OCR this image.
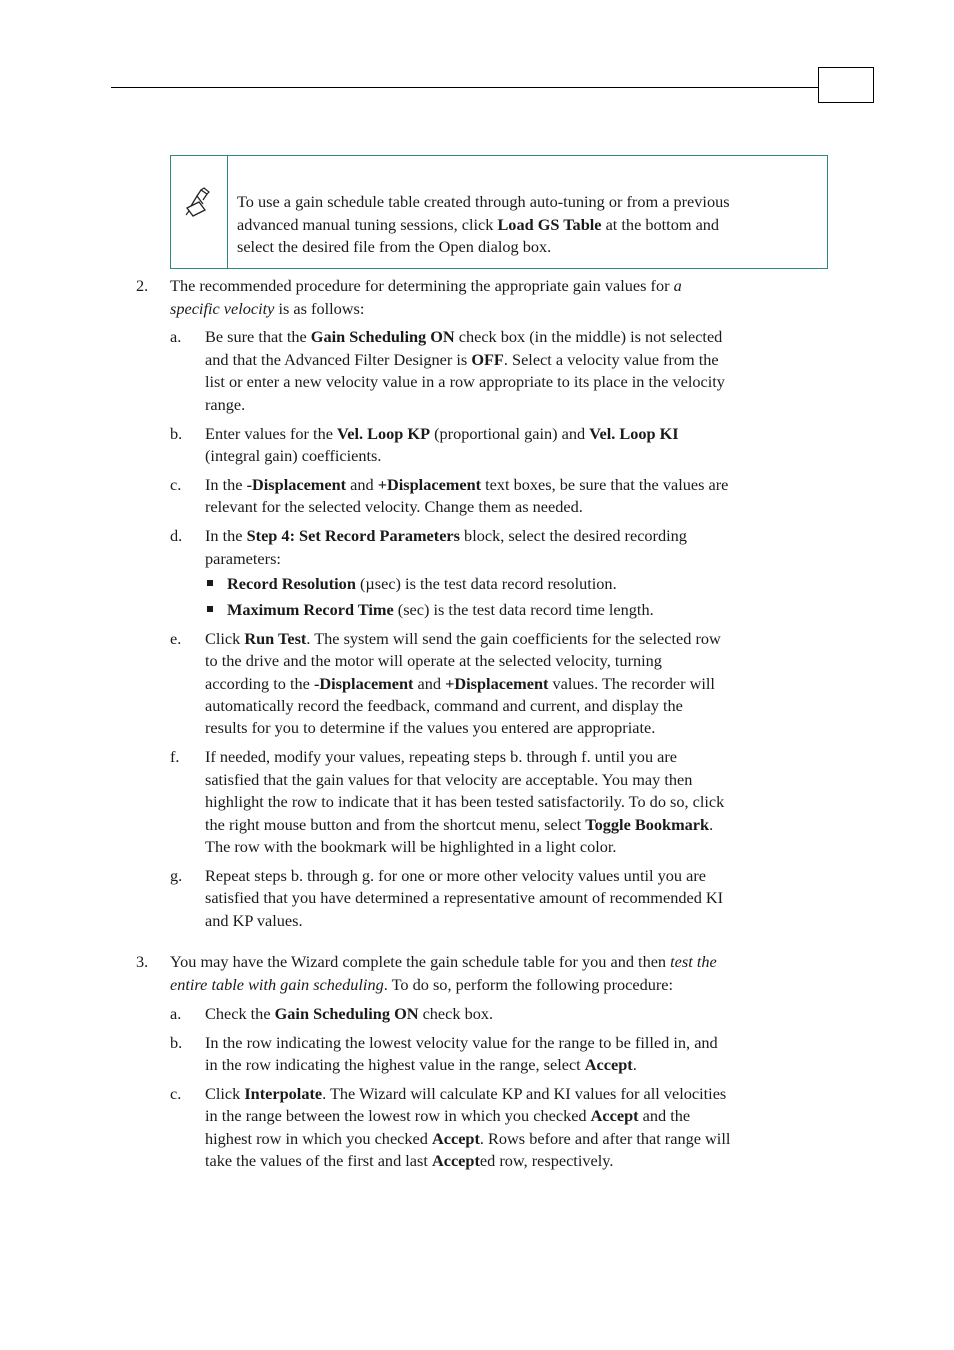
To use a gain schedule table created through auto-tuning or from a previous
advanced manual tuning sessions, click Load GS Table at the bottom and
select the desired file from the Open dialog box.
2. The recommended procedure for determining the appropriate gain values for a
specific velocity is as follows:
a. Be sure that the Gain Scheduling ON check box (in the middle) is not selected
and that the Advanced Filter Designer is OFF. Select a velocity value from the
list or enter a new velocity value in a row appropriate to its place in the velocity
range.
b. Enter values for the Vel. Loop KP (proportional gain) and Vel. Loop KI
(integral gain) coefficients.
c. In the -Displacement and +Displacement text boxes, be sure that the values are
relevant for the selected velocity. Change them as needed.
d. In the Step 4: Set Record Parameters block, select the desired recording
parameters:
Record Resolution (µsec) is the test data record resolution.
Maximum Record Time (sec) is the test data record time length.
e. Click Run Test. The system will send the gain coefficients for the selected row
to the drive and the motor will operate at the selected velocity, turning
according to the -Displacement and +Displacement values. The recorder will
automatically record the feedback, command and current, and display the
results for you to determine if the values you entered are appropriate.
f. If needed, modify your values, repeating steps b. through f. until you are
satisfied that the gain values for that velocity are acceptable. You may then
highlight the row to indicate that it has been tested satisfactorily. To do so, click
the right mouse button and from the shortcut menu, select Toggle Bookmark.
The row with the bookmark will be highlighted in a light color.
g. Repeat steps b. through g. for one or more other velocity values until you are
satisfied that you have determined a representative amount of recommended KI
and KP values.
3. You may have the Wizard complete the gain schedule table for you and then test the
entire table with gain scheduling. To do so, perform the following procedure:
a. Check the Gain Scheduling ON check box.
b. In the row indicating the lowest velocity value for the range to be filled in, and
in the row indicating the highest value in the range, select Accept.
c. Click Interpolate. The Wizard will calculate KP and KI values for all velocities
in the range between the lowest row in which you checked Accept and the
highest row in which you checked Accept. Rows before and after that range will
take the values of the first and last Accepted row, respectively.
